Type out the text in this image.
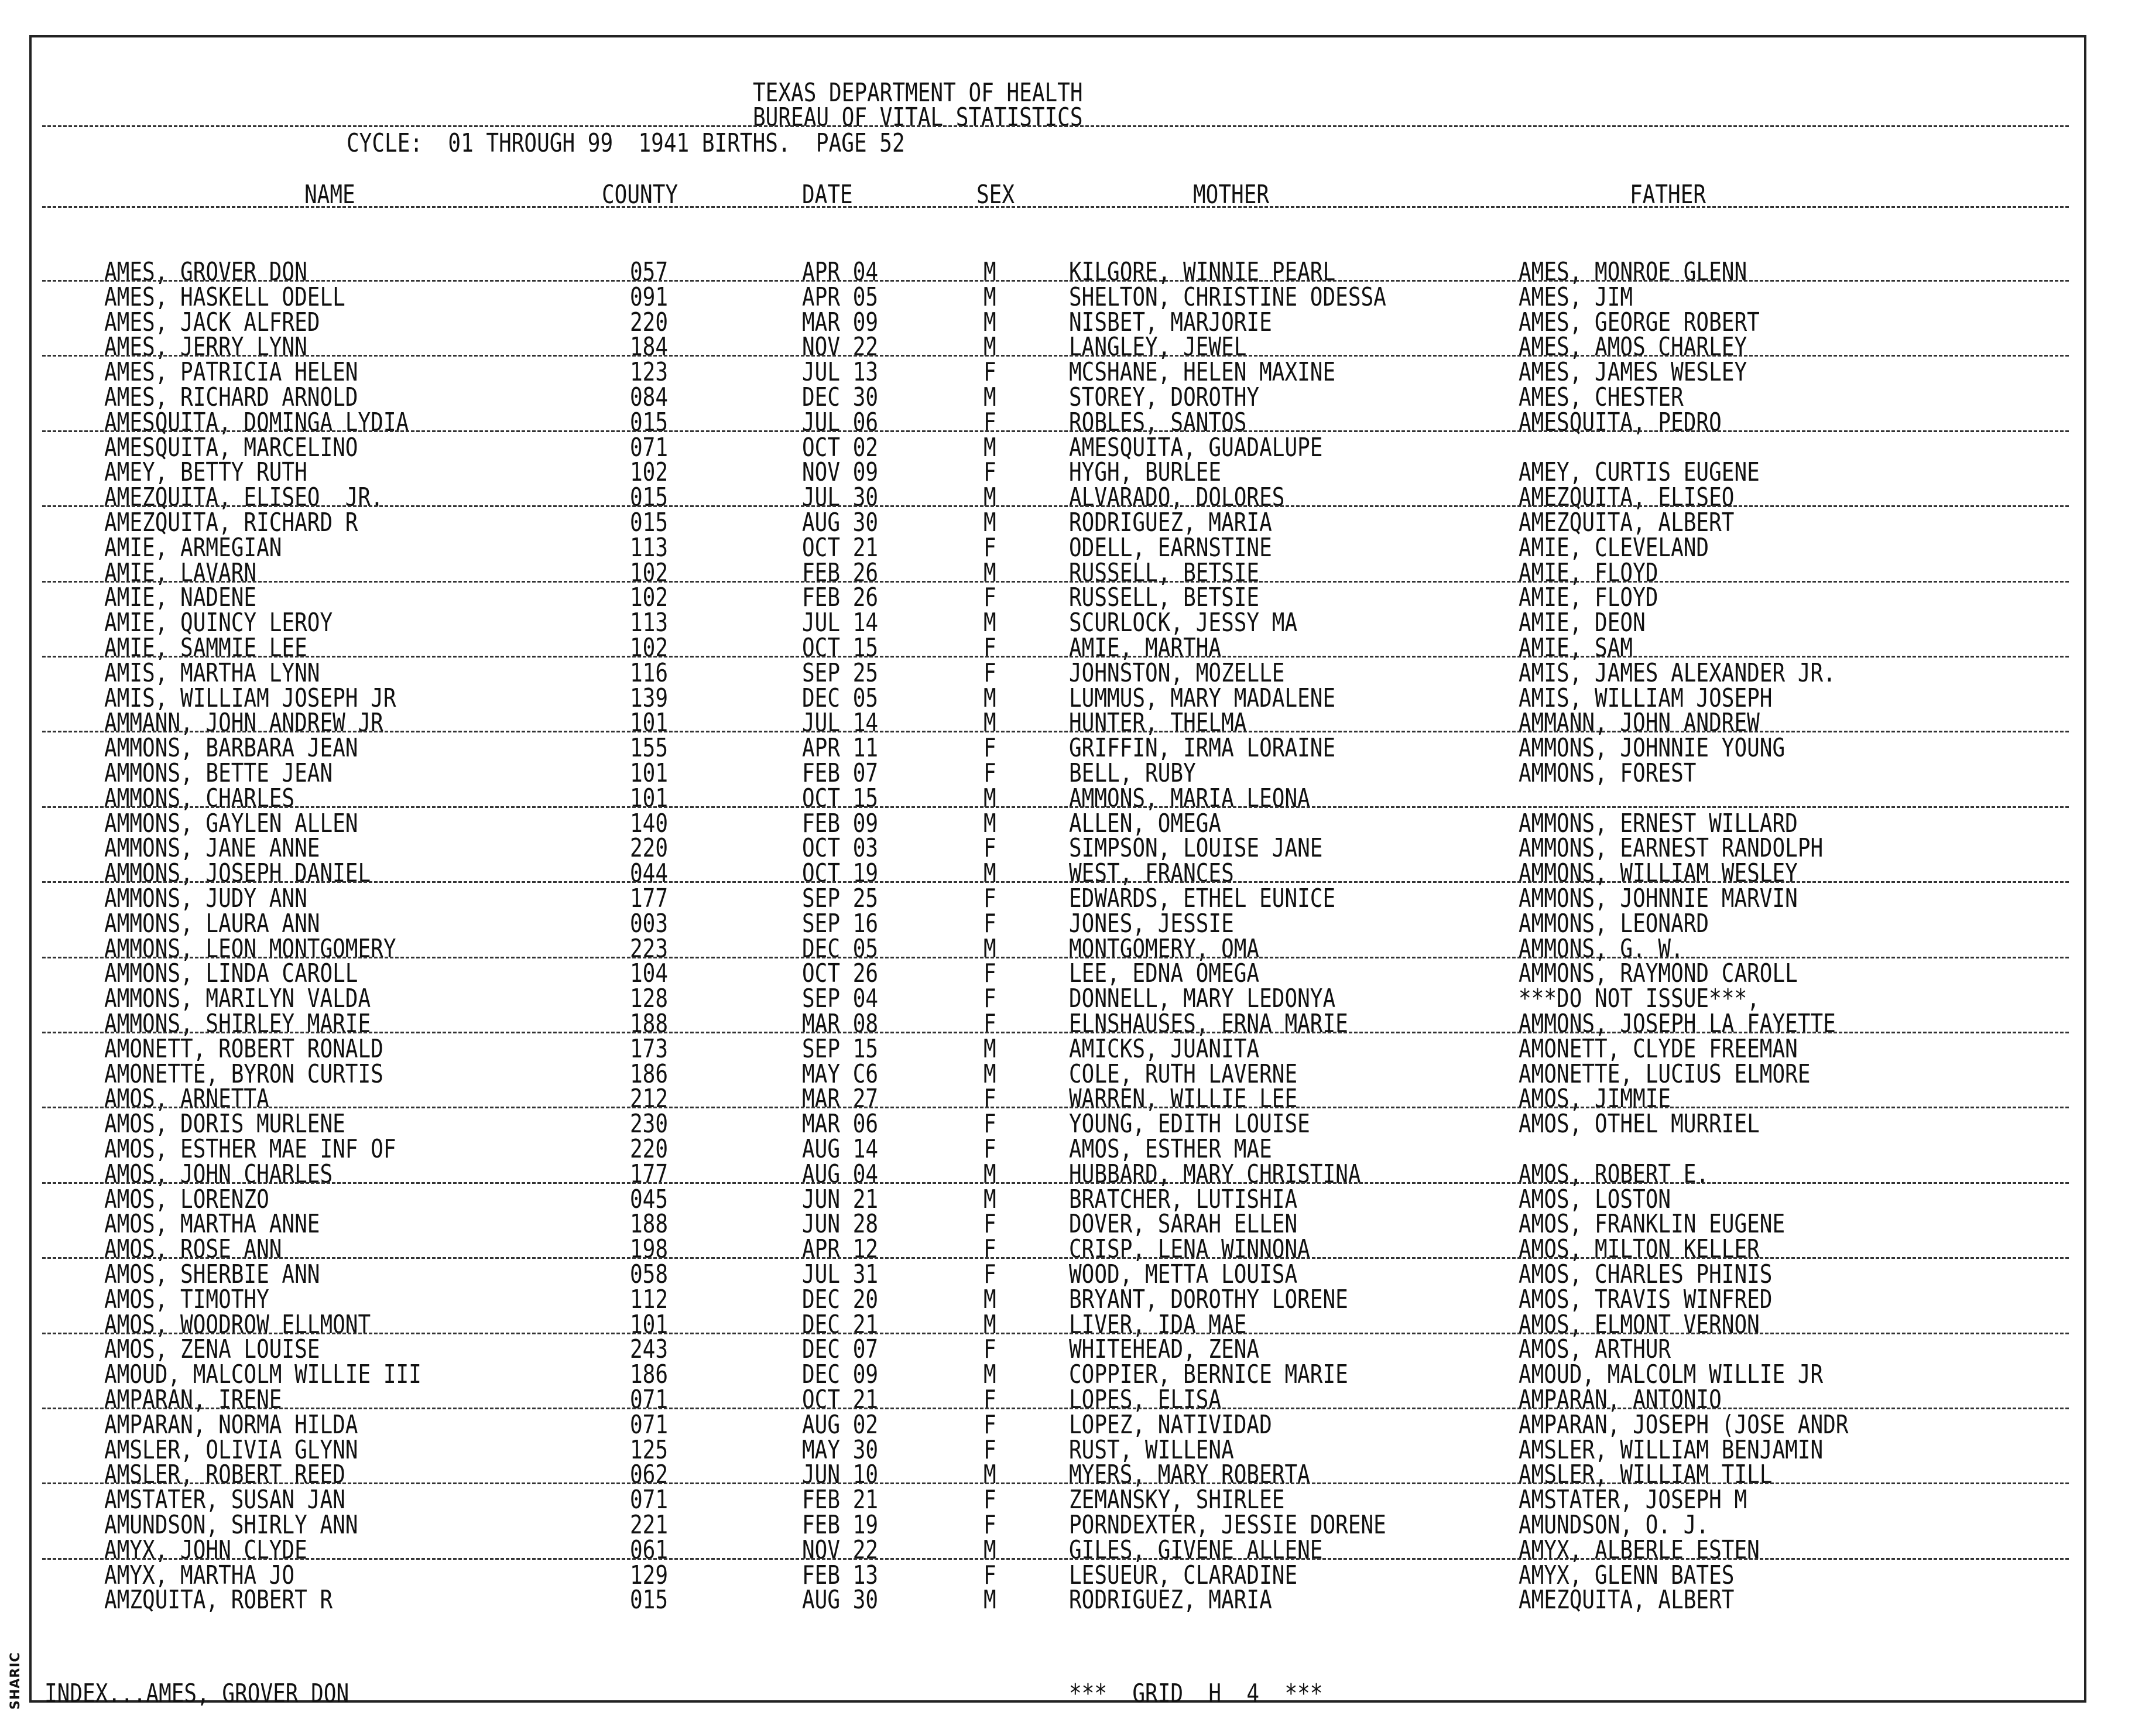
SHARIC
TEXAS DEPARTMENT OF HEALTH
BUREAU OF VITAL STATISTICS
CYCLE:  01 THROUGH 99  1941 BIRTHS.  PAGE 52
NAME	COUNTY	DATE	SEX	MOTHER	FATHER
AMES, GROVER DON	057	APR 04	M	KILGORE, WINNIE PEARL	AMES, MONROE GLENN
AMES, HASKELL ODELL	091	APR 05	M	SHELTON, CHRISTINE ODESSA	AMES, JIM
AMES, JACK ALFRED	220	MAR 09	M	NISBET, MARJORIE	AMES, GEORGE ROBERT
AMES, JERRY LYNN	184	NOV 22	M	LANGLEY, JEWEL	AMES, AMOS CHARLEY
AMES, PATRICIA HELEN	123	JUL 13	F	MCSHANE, HELEN MAXINE	AMES, JAMES WESLEY
AMES, RICHARD ARNOLD	084	DEC 30	M	STOREY, DOROTHY	AMES, CHESTER
AMESQUITA, DOMINGA LYDIA	015	JUL 06	F	ROBLES, SANTOS	AMESQUITA, PEDRO
AMESQUITA, MARCELINO	071	OCT 02	M	AMESQUITA, GUADALUPE
AMEY, BETTY RUTH	102	NOV 09	F	HYGH, BURLEE	AMEY, CURTIS EUGENE
AMEZQUITA, ELISEO  JR.	015	JUL 30	M	ALVARADO, DOLORES	AMEZQUITA, ELISEO
AMEZQUITA, RICHARD R	015	AUG 30	M	RODRIGUEZ, MARIA	AMEZQUITA, ALBERT
AMIE, ARMEGIAN	113	OCT 21	F	ODELL, EARNSTINE	AMIE, CLEVELAND
AMIE, LAVARN	102	FEB 26	M	RUSSELL, BETSIE	AMIE, FLOYD
AMIE, NADENE	102	FEB 26	F	RUSSELL, BETSIE	AMIE, FLOYD
AMIE, QUINCY LEROY	113	JUL 14	M	SCURLOCK, JESSY MA	AMIE, DEON
AMIE, SAMMIE LEE	102	OCT 15	F	AMIE, MARTHA	AMIE, SAM
AMIS, MARTHA LYNN	116	SEP 25	F	JOHNSTON, MOZELLE	AMIS, JAMES ALEXANDER JR.
AMIS, WILLIAM JOSEPH JR	139	DEC 05	M	LUMMUS, MARY MADALENE	AMIS, WILLIAM JOSEPH
AMMANN, JOHN ANDREW JR	101	JUL 14	M	HUNTER, THELMA	AMMANN, JOHN ANDREW
AMMONS, BARBARA JEAN	155	APR 11	F	GRIFFIN, IRMA LORAINE	AMMONS, JOHNNIE YOUNG
AMMONS, BETTE JEAN	101	FEB 07	F	BELL, RUBY	AMMONS, FOREST
AMMONS, CHARLES	101	OCT 15	M	AMMONS, MARIA LEONA
AMMONS, GAYLEN ALLEN	140	FEB 09	M	ALLEN, OMEGA	AMMONS, ERNEST WILLARD
AMMONS, JANE ANNE	220	OCT 03	F	SIMPSON, LOUISE JANE	AMMONS, EARNEST RANDOLPH
AMMONS, JOSEPH DANIEL	044	OCT 19	M	WEST, FRANCES	AMMONS, WILLIAM WESLEY
AMMONS, JUDY ANN	177	SEP 25	F	EDWARDS, ETHEL EUNICE	AMMONS, JOHNNIE MARVIN
AMMONS, LAURA ANN	003	SEP 16	F	JONES, JESSIE	AMMONS, LEONARD
AMMONS, LEON MONTGOMERY	223	DEC 05	M	MONTGOMERY, OMA	AMMONS, G. W.
AMMONS, LINDA CAROLL	104	OCT 26	F	LEE, EDNA OMEGA	AMMONS, RAYMOND CAROLL
AMMONS, MARILYN VALDA	128	SEP 04	F	DONNELL, MARY LEDONYA	***DO NOT ISSUE***,
AMMONS, SHIRLEY MARIE	188	MAR 08	F	ELNSHAUSES, ERNA MARIE	AMMONS, JOSEPH LA FAYETTE
AMONETT, ROBERT RONALD	173	SEP 15	M	AMICKS, JUANITA	AMONETT, CLYDE FREEMAN
AMONETTE, BYRON CURTIS	186	MAY C6	M	COLE, RUTH LAVERNE	AMONETTE, LUCIUS ELMORE
AMOS, ARNETTA	212	MAR 27	F	WARREN, WILLIE LEE	AMOS, JIMMIE
AMOS, DORIS MURLENE	230	MAR 06	F	YOUNG, EDITH LOUISE	AMOS, OTHEL MURRIEL
AMOS, ESTHER MAE INF OF	220	AUG 14	F	AMOS, ESTHER MAE
AMOS, JOHN CHARLES	177	AUG 04	M	HUBBARD, MARY CHRISTINA	AMOS, ROBERT E.
AMOS, LORENZO	045	JUN 21	M	BRATCHER, LUTISHIA	AMOS, LOSTON
AMOS, MARTHA ANNE	188	JUN 28	F	DOVER, SARAH ELLEN	AMOS, FRANKLIN EUGENE
AMOS, ROSE ANN	198	APR 12	F	CRISP, LENA WINNONA	AMOS, MILTON KELLER
AMOS, SHERBIE ANN	058	JUL 31	F	WOOD, METTA LOUISA	AMOS, CHARLES PHINIS
AMOS, TIMOTHY	112	DEC 20	M	BRYANT, DOROTHY LORENE	AMOS, TRAVIS WINFRED
AMOS, WOODROW ELLMONT	101	DEC 21	M	LIVER, IDA MAE	AMOS, ELMONT VERNON
AMOS, ZENA LOUISE	243	DEC 07	F	WHITEHEAD, ZENA	AMOS, ARTHUR
AMOUD, MALCOLM WILLIE III	186	DEC 09	M	COPPIER, BERNICE MARIE	AMOUD, MALCOLM WILLIE JR
AMPARAN, IRENE	071	OCT 21	F	LOPES, ELISA	AMPARAN, ANTONIO
AMPARAN, NORMA HILDA	071	AUG 02	F	LOPEZ, NATIVIDAD	AMPARAN, JOSEPH (JOSE ANDR
AMSLER, OLIVIA GLYNN	125	MAY 30	F	RUST, WILLENA	AMSLER, WILLIAM BENJAMIN
AMSLER, ROBERT REED	062	JUN 10	M	MYERS, MARY ROBERTA	AMSLER, WILLIAM TILL
AMSTATER, SUSAN JAN	071	FEB 21	F	ZEMANSKY, SHIRLEE	AMSTATER, JOSEPH M
AMUNDSON, SHIRLY ANN	221	FEB 19	F	PORNDEXTER, JESSIE DORENE	AMUNDSON, O. J.
AMYX, JOHN CLYDE	061	NOV 22	M	GILES, GIVENE ALLENE	AMYX, ALBERLE ESTEN
AMYX, MARTHA JO	129	FEB 13	F	LESUEUR, CLARADINE	AMYX, GLENN BATES
AMZQUITA, ROBERT R	015	AUG 30	M	RODRIGUEZ, MARIA	AMEZQUITA, ALBERT
INDEX...AMES, GROVER DON	***  GRID  H  4  ***
